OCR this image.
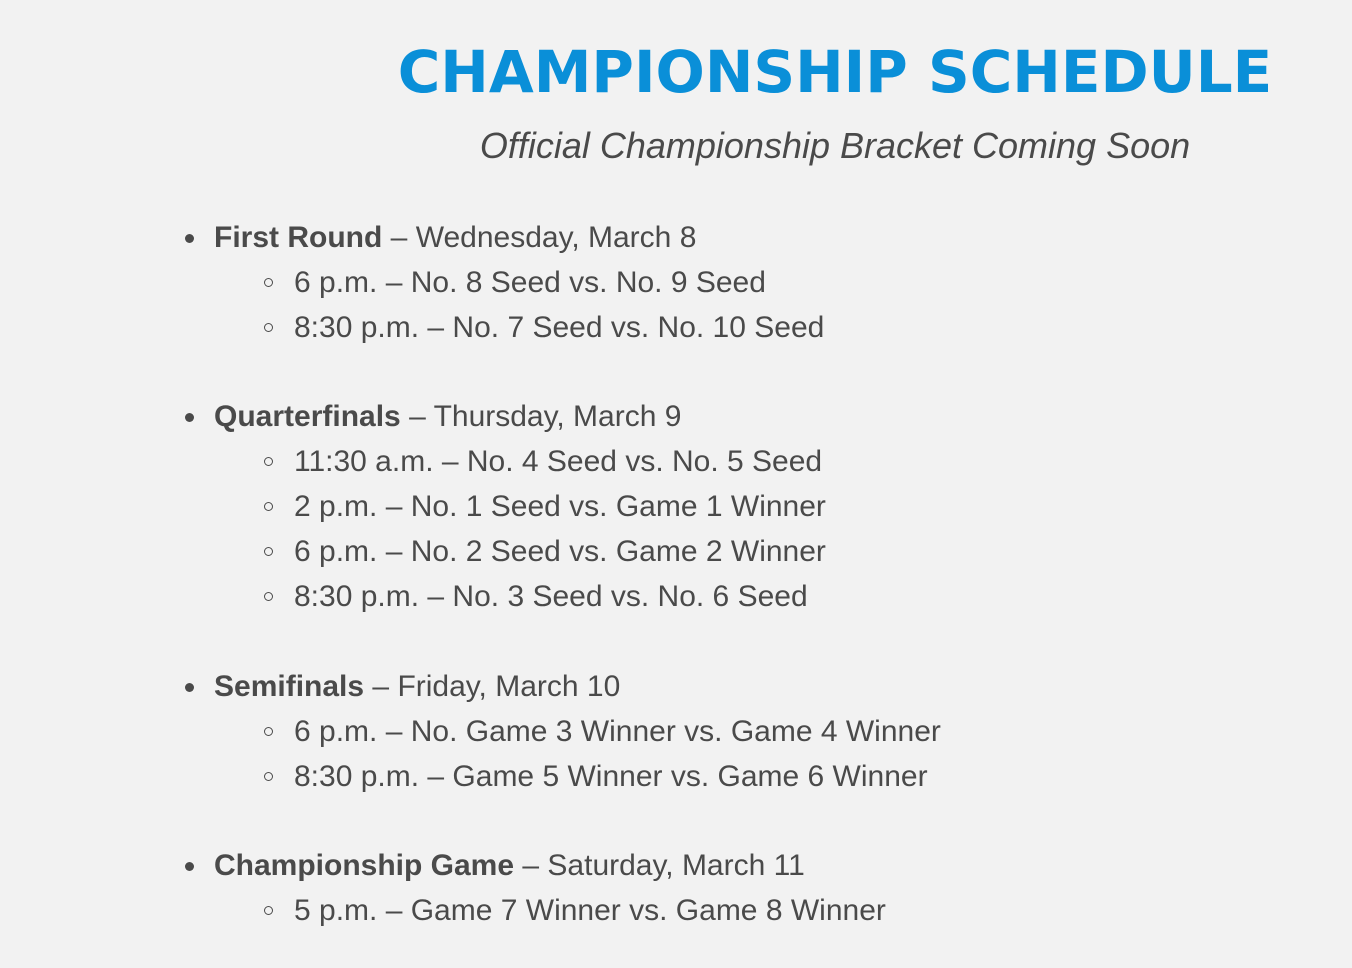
CHAMPIONSHIP SCHEDULE

Official Championship Bracket Coming Soon

First Round – Wednesday, March 8
6 p.m. – No. 8 Seed vs. No. 9 Seed
8:30 p.m. – No. 7 Seed vs. No. 10 Seed
Quarterfinals – Thursday, March 9
11:30 a.m. – No. 4 Seed vs. No. 5 Seed
2 p.m. – No. 1 Seed vs. Game 1 Winner
6 p.m. – No. 2 Seed vs. Game 2 Winner
8:30 p.m. – No. 3 Seed vs. No. 6 Seed
Semifinals – Friday, March 10
6 p.m. – No. Game 3 Winner vs. Game 4 Winner
8:30 p.m. – Game 5 Winner vs. Game 6 Winner
Championship Game – Saturday, March 11
5 p.m. – Game 7 Winner vs. Game 8 Winner
